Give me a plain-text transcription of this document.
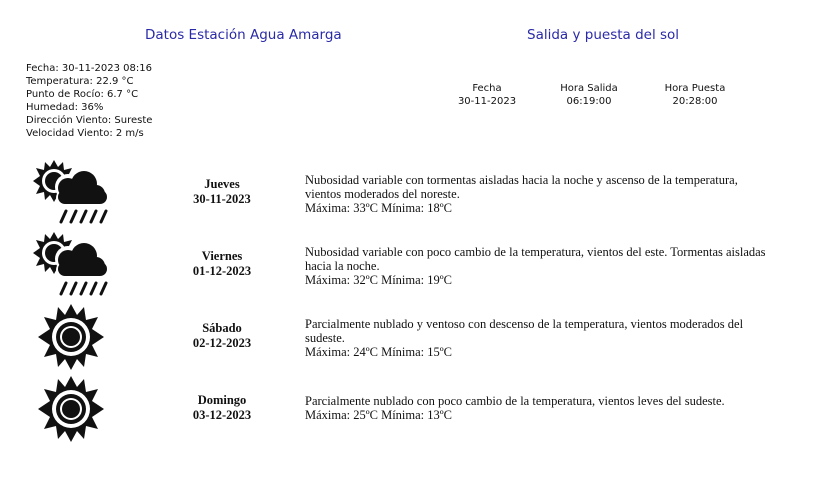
Datos Estación Agua Amarga	Salida y puesta del sol
Fecha: 30-11-2023 08:16
Temperatura: 22.9 °C
Punto de Rocío: 6.7 °C
Humedad: 36%
Dirección Viento: Sureste
Velocidad Viento: 2 m/s
Fecha
30-11-2023
Hora Salida
06:19:00
Hora Puesta
20:28:00
Jueves
30-11-2023
Nubosidad variable con tormentas aisladas hacia la noche y ascenso de la temperatura, vientos moderados del noreste.
Máxima: 33ºC Mínima: 18ºC
Viernes
01-12-2023
Nubosidad variable con poco cambio de la temperatura, vientos del este. Tormentas aisladas hacia la noche.
Máxima: 32ºC Mínima: 19ºC
Sábado
02-12-2023
Parcialmente nublado y ventoso con descenso de la temperatura, vientos moderados del sudeste.
Máxima: 24ºC Mínima: 15ºC
Domingo
03-12-2023
Parcialmente nublado con poco cambio de la temperatura, vientos leves del sudeste.
Máxima: 25ºC Mínima: 13ºC
